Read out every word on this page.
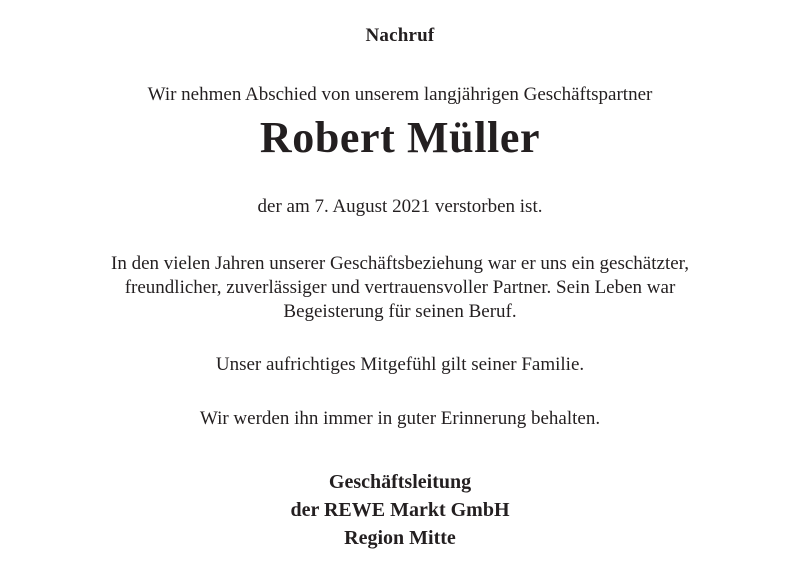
Nachruf
Wir nehmen Abschied von unserem langjährigen Geschäftspartner
Robert Müller
der am 7. August 2021 verstorben ist.
In den vielen Jahren unserer Geschäftsbeziehung war er uns ein geschätzter,
freundlicher, zuverlässiger und vertrauensvoller Partner. Sein Leben war
Begeisterung für seinen Beruf.
Unser aufrichtiges Mitgefühl gilt seiner Familie.
Wir werden ihn immer in guter Erinnerung behalten.
Geschäftsleitung
der REWE Markt GmbH
Region Mitte
